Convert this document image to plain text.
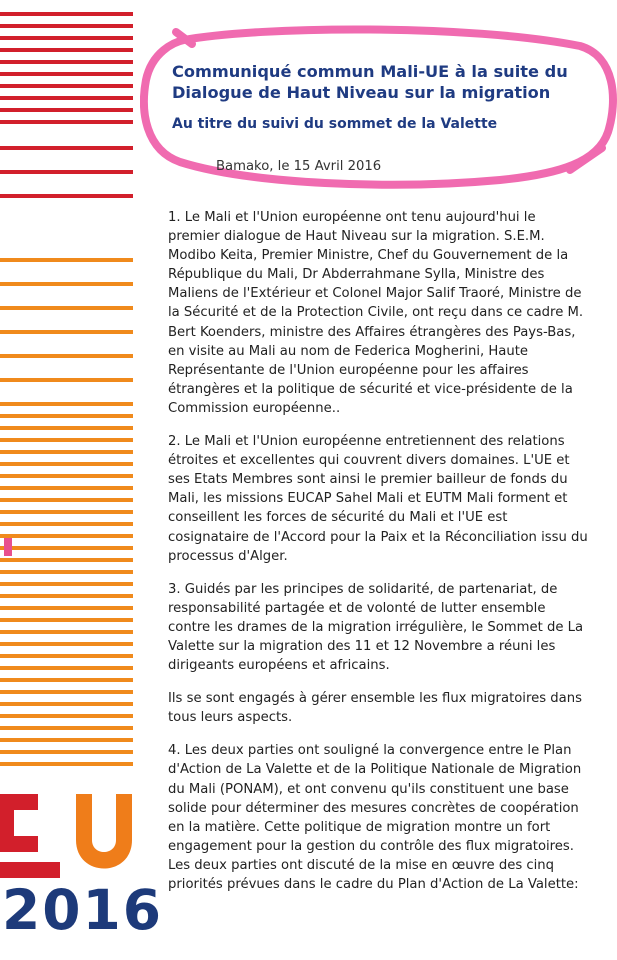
Communiqué commun Mali-UE à la suite du Dialogue de Haut Niveau sur la migration
Au titre du suivi du sommet de la Valette
Bamako, le 15 Avril 2016

1. Le Mali et l'Union européenne ont tenu aujourd'hui le premier dialogue de Haut Niveau sur la migration. S.E.M. Modibo Keita, Premier Ministre, Chef du Gouvernement de la République du Mali, Dr Abderrahmane Sylla, Ministre des Maliens de l'Extérieur et Colonel Major Salif Traoré, Ministre de la Sécurité et de la Protection Civile, ont reçu dans ce cadre M. Bert Koenders, ministre des Affaires étrangères des Pays-Bas, en visite au Mali au nom de Federica Mogherini, Haute Représentante de l'Union européenne pour les affaires étrangères et la politique de sécurité et vice-présidente de la Commission européenne..

2. Le Mali et l'Union européenne entretiennent des relations étroites et excellentes qui couvrent divers domaines. L'UE et ses Etats Membres sont ainsi le premier bailleur de fonds du Mali, les missions EUCAP Sahel Mali et EUTM Mali forment et conseillent les forces de sécurité du Mali et l'UE est cosignataire de l'Accord pour la Paix et la Réconciliation issu du processus d'Alger.

3. Guidés par les principes de solidarité, de partenariat, de responsabilité partagée et de volonté de lutter ensemble contre les drames de la migration irrégulière, le Sommet de La Valette sur la migration des 11 et 12 Novembre a réuni les dirigeants européens et africains.

Ils se sont engagés à gérer ensemble les flux migratoires dans tous leurs aspects.

4. Les deux parties ont souligné la convergence entre le Plan d'Action de La Valette et de la Politique Nationale de Migration du Mali (PONAM), et ont convenu qu'ils constituent une base solide pour déterminer des mesures concrètes de coopération en la matière. Cette politique de migration montre un fort engagement pour la gestion du contrôle des flux migratoires. Les deux parties ont discuté de la mise en œuvre des cinq priorités prévues dans le cadre du Plan d'Action de La Valette:

2016
